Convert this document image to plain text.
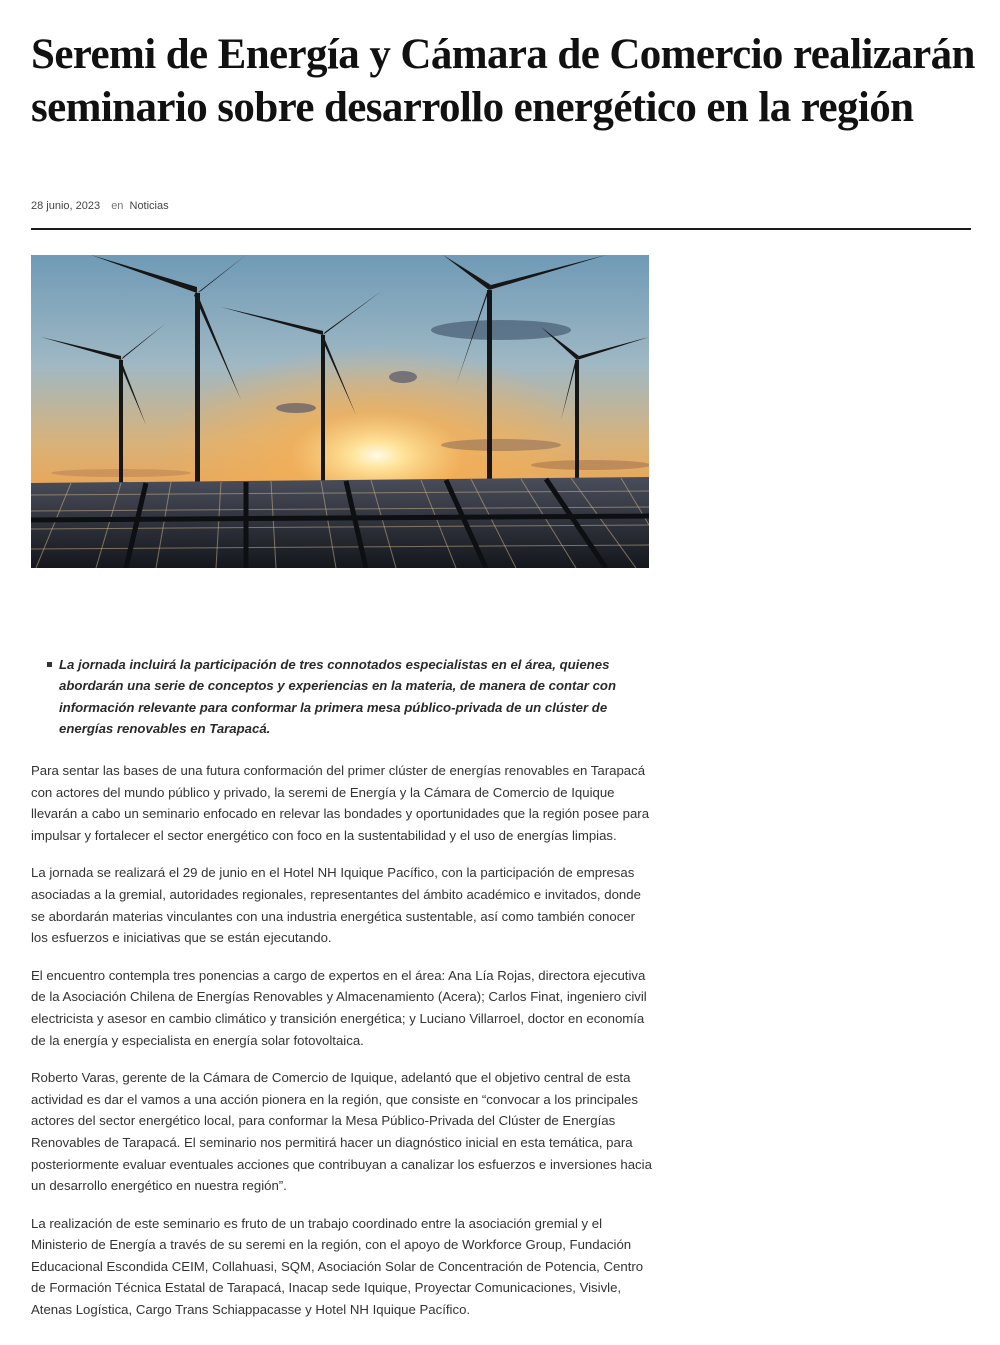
Seremi de Energía y Cámara de Comercio realizarán seminario sobre desarrollo energético en la región
28 junio, 2023 en Noticias
La jornada incluirá la participación de tres connotados especialistas en el área, quienes abordarán una serie de conceptos y experiencias en la materia, de manera de contar con información relevante para conformar la primera mesa público-privada de un clúster de energías renovables en Tarapacá.

Para sentar las bases de una futura conformación del primer clúster de energías renovables en Tarapacá con actores del mundo público y privado, la seremi de Energía y la Cámara de Comercio de Iquique llevarán a cabo un seminario enfocado en relevar las bondades y oportunidades que la región posee para impulsar y fortalecer el sector energético con foco en la sustentabilidad y el uso de energías limpias.

La jornada se realizará el 29 de junio en el Hotel NH Iquique Pacífico, con la participación de empresas asociadas a la gremial, autoridades regionales, representantes del ámbito académico e invitados, donde se abordarán materias vinculantes con una industria energética sustentable, así como también conocer los esfuerzos e iniciativas que se están ejecutando.

El encuentro contempla tres ponencias a cargo de expertos en el área: Ana Lía Rojas, directora ejecutiva de la Asociación Chilena de Energías Renovables y Almacenamiento (Acera); Carlos Finat, ingeniero civil electricista y asesor en cambio climático y transición energética; y Luciano Villarroel, doctor en economía de la energía y especialista en energía solar fotovoltaica.

Roberto Varas, gerente de la Cámara de Comercio de Iquique, adelantó que el objetivo central de esta actividad es dar el vamos a una acción pionera en la región, que consiste en “convocar a los principales actores del sector energético local, para conformar la Mesa Público-Privada del Clúster de Energías Renovables de Tarapacá. El seminario nos permitirá hacer un diagnóstico inicial en esta temática, para posteriormente evaluar eventuales acciones que contribuyan a canalizar los esfuerzos e inversiones hacia un desarrollo energético en nuestra región”.

La realización de este seminario es fruto de un trabajo coordinado entre la asociación gremial y el Ministerio de Energía a través de su seremi en la región, con el apoyo de Workforce Group, Fundación Educacional Escondida CEIM, Collahuasi, SQM, Asociación Solar de Concentración de Potencia, Centro de Formación Técnica Estatal de Tarapacá, Inacap sede Iquique, Proyectar Comunicaciones, Visivle, Atenas Logística, Cargo Trans Schiappacasse y Hotel NH Iquique Pacífico.
